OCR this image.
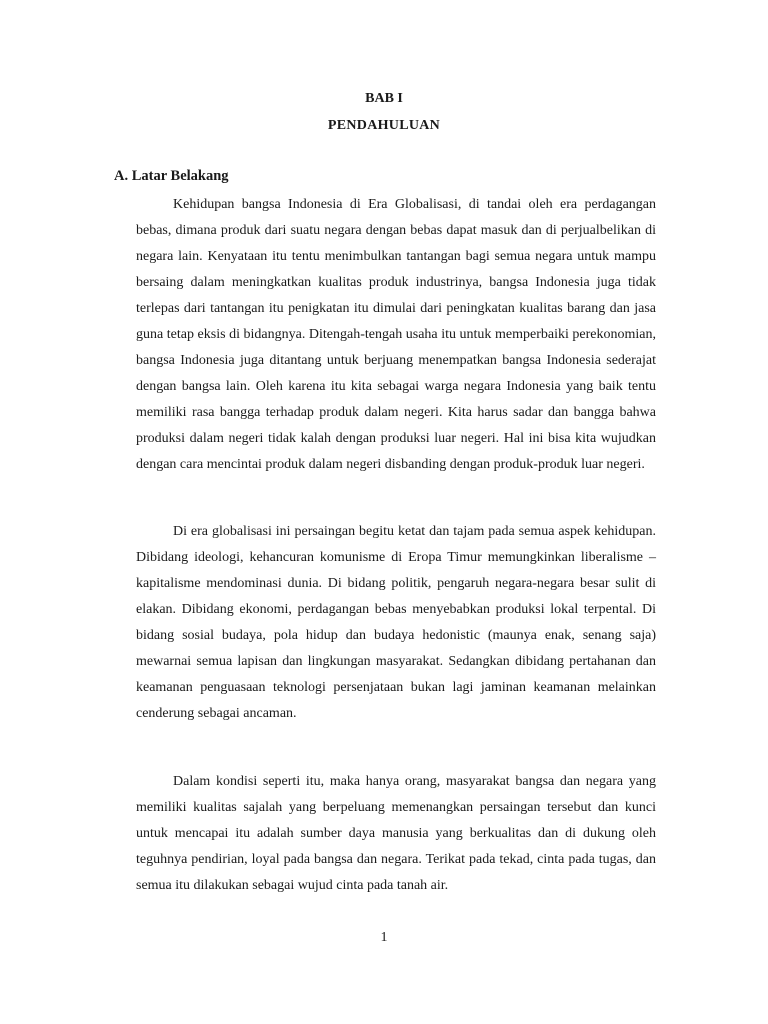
BAB I
PENDAHULUAN
A. Latar Belakang

Kehidupan bangsa Indonesia di Era Globalisasi, di tandai oleh era perdagangan bebas, dimana produk dari suatu negara dengan bebas dapat masuk dan di perjualbelikan di negara lain. Kenyataan itu tentu menimbulkan tantangan bagi semua negara untuk mampu bersaing dalam meningkatkan kualitas produk industrinya, bangsa Indonesia juga tidak terlepas dari tantangan itu penigkatan itu dimulai dari peningkatan kualitas barang dan jasa guna tetap eksis di bidangnya. Ditengah-tengah usaha itu untuk memperbaiki perekonomian, bangsa Indonesia juga ditantang untuk berjuang menempatkan bangsa Indonesia sederajat dengan bangsa lain. Oleh karena itu kita sebagai warga negara Indonesia yang baik tentu memiliki rasa bangga terhadap produk dalam negeri. Kita harus sadar dan bangga bahwa produksi dalam negeri tidak kalah dengan produksi luar negeri. Hal ini bisa kita wujudkan dengan cara mencintai produk dalam negeri disbanding dengan produk-produk luar negeri.

Di era globalisasi ini persaingan begitu ketat dan tajam pada semua aspek kehidupan. Dibidang ideologi, kehancuran komunisme di Eropa Timur memungkinkan liberalisme – kapitalisme mendominasi dunia. Di bidang politik, pengaruh negara-negara besar sulit di elakan. Dibidang ekonomi, perdagangan bebas menyebabkan produksi lokal terpental. Di bidang sosial budaya, pola hidup dan budaya hedonistic (maunya enak, senang saja) mewarnai semua lapisan dan lingkungan masyarakat. Sedangkan dibidang pertahanan dan keamanan penguasaan teknologi persenjataan bukan lagi jaminan keamanan melainkan cenderung sebagai ancaman.

Dalam kondisi seperti itu, maka hanya orang, masyarakat bangsa dan negara yang memiliki kualitas sajalah yang berpeluang memenangkan persaingan tersebut dan kunci untuk mencapai itu adalah sumber daya manusia yang berkualitas dan di dukung oleh teguhnya pendirian, loyal pada bangsa dan negara. Terikat pada tekad, cinta pada tugas, dan semua itu dilakukan sebagai wujud cinta pada tanah air.

1
